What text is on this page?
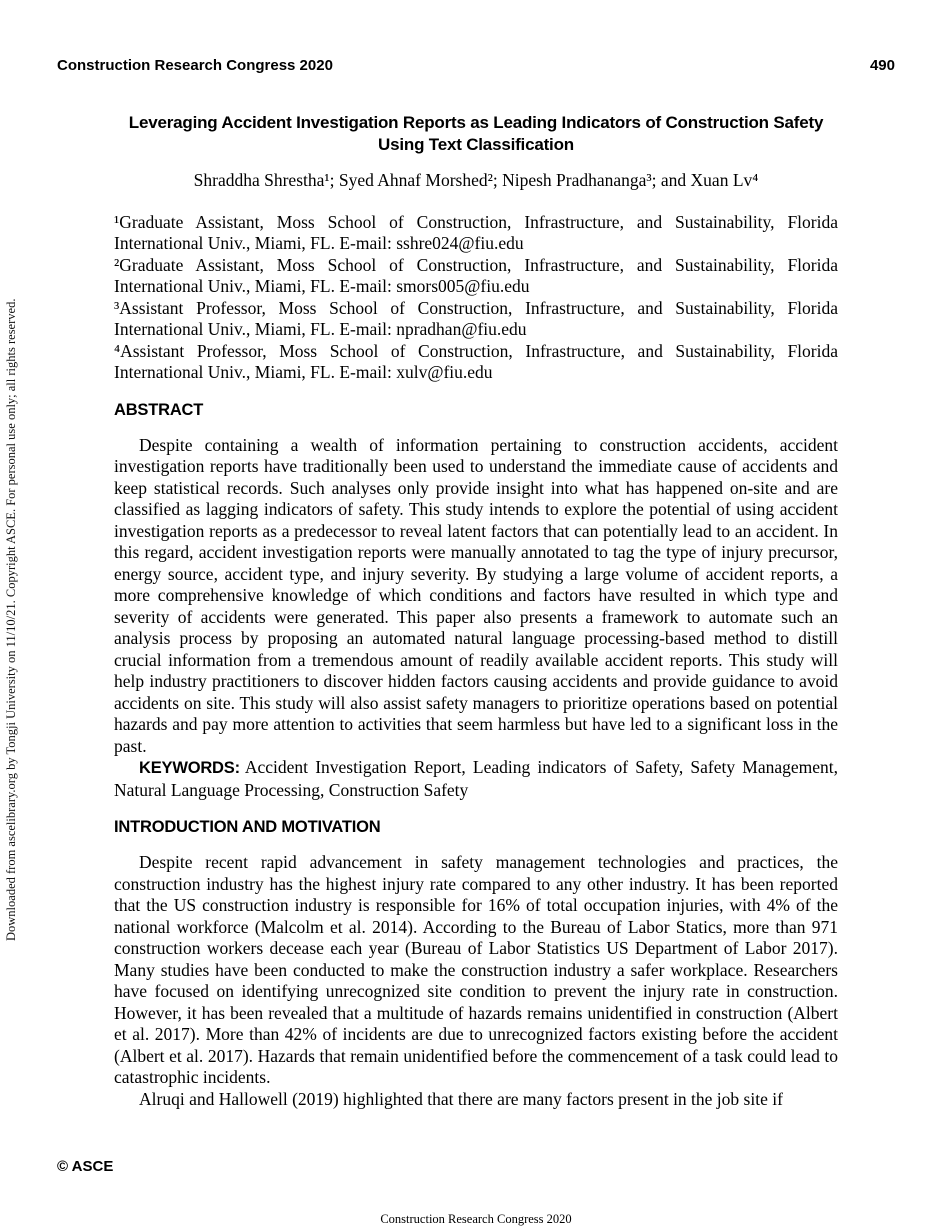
Downloaded from ascelibrary.org by Tongji University on 11/10/21. Copyright ASCE. For personal use only; all rights reserved.
Construction Research Congress 2020	490
Leveraging Accident Investigation Reports as Leading Indicators of Construction Safety Using Text Classification

Shraddha Shrestha¹; Syed Ahnaf Morshed²; Nipesh Pradhananga³; and Xuan Lv⁴

¹Graduate Assistant, Moss School of Construction, Infrastructure, and Sustainability, Florida International Univ., Miami, FL. E-mail: sshre024@fiu.edu

²Graduate Assistant, Moss School of Construction, Infrastructure, and Sustainability, Florida International Univ., Miami, FL. E-mail: smors005@fiu.edu

³Assistant Professor, Moss School of Construction, Infrastructure, and Sustainability, Florida International Univ., Miami, FL. E-mail: npradhan@fiu.edu

⁴Assistant Professor, Moss School of Construction, Infrastructure, and Sustainability, Florida International Univ., Miami, FL. E-mail: xulv@fiu.edu

ABSTRACT

Despite containing a wealth of information pertaining to construction accidents, accident investigation reports have traditionally been used to understand the immediate cause of accidents and keep statistical records. Such analyses only provide insight into what has happened on-site and are classified as lagging indicators of safety. This study intends to explore the potential of using accident investigation reports as a predecessor to reveal latent factors that can potentially lead to an accident. In this regard, accident investigation reports were manually annotated to tag the type of injury precursor, energy source, accident type, and injury severity. By studying a large volume of accident reports, a more comprehensive knowledge of which conditions and factors have resulted in which type and severity of accidents were generated. This paper also presents a framework to automate such an analysis process by proposing an automated natural language processing-based method to distill crucial information from a tremendous amount of readily available accident reports. This study will help industry practitioners to discover hidden factors causing accidents and provide guidance to avoid accidents on site. This study will also assist safety managers to prioritize operations based on potential hazards and pay more attention to activities that seem harmless but have led to a significant loss in the past.

KEYWORDS: Accident Investigation Report, Leading indicators of Safety, Safety Management, Natural Language Processing, Construction Safety

INTRODUCTION AND MOTIVATION

Despite recent rapid advancement in safety management technologies and practices, the construction industry has the highest injury rate compared to any other industry. It has been reported that the US construction industry is responsible for 16% of total occupation injuries, with 4% of the national workforce (Malcolm et al. 2014). According to the Bureau of Labor Statics, more than 971 construction workers decease each year (Bureau of Labor Statistics US Department of Labor 2017). Many studies have been conducted to make the construction industry a safer workplace. Researchers have focused on identifying unrecognized site condition to prevent the injury rate in construction. However, it has been revealed that a multitude of hazards remains unidentified in construction (Albert et al. 2017). More than 42% of incidents are due to unrecognized factors existing before the accident (Albert et al. 2017). Hazards that remain unidentified before the commencement of a task could lead to catastrophic incidents.

Alruqi and Hallowell (2019) highlighted that there are many factors present in the job site if

© ASCE
Construction Research Congress 2020
